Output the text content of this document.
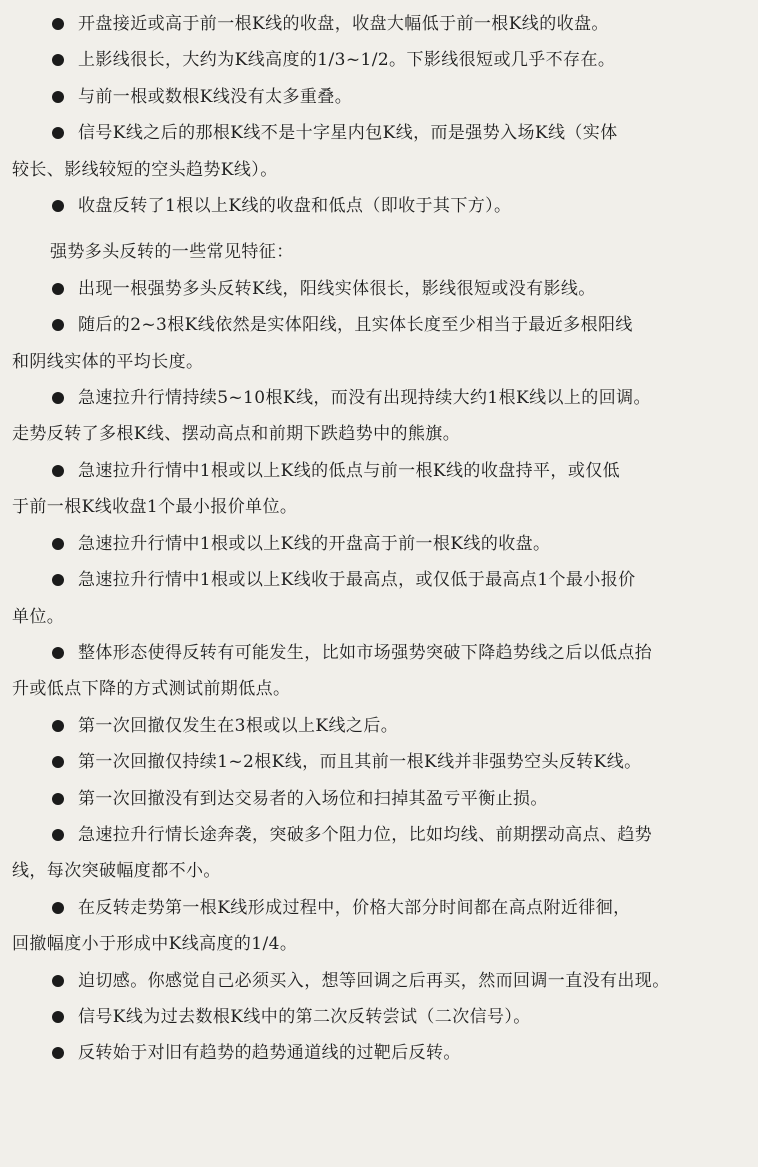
开盘接近或高于前一根K线的收盘，收盘大幅低于前一根K线的收盘。
上影线很长，大约为K线高度的1/3~1/2。下影线很短或几乎不存在。
与前一根或数根K线没有太多重叠。
信号K线之后的那根K线不是十字星内包K线，而是强势入场K线（实体
较长、影线较短的空头趋势K线）。
收盘反转了1根以上K线的收盘和低点（即收于其下方）。
强势多头反转的一些常见特征：
出现一根强势多头反转K线，阳线实体很长，影线很短或没有影线。
随后的2~3根K线依然是实体阳线，且实体长度至少相当于最近多根阳线
和阴线实体的平均长度。
急速拉升行情持续5~10根K线，而没有出现持续大约1根K线以上的回调。
走势反转了多根K线、摆动高点和前期下跌趋势中的熊旗。
急速拉升行情中1根或以上K线的低点与前一根K线的收盘持平，或仅低
于前一根K线收盘1个最小报价单位。
急速拉升行情中1根或以上K线的开盘高于前一根K线的收盘。
急速拉升行情中1根或以上K线收于最高点，或仅低于最高点1个最小报价
单位。
整体形态使得反转有可能发生，比如市场强势突破下降趋势线之后以低点抬
升或低点下降的方式测试前期低点。
第一次回撤仅发生在3根或以上K线之后。
第一次回撤仅持续1~2根K线，而且其前一根K线并非强势空头反转K线。
第一次回撤没有到达交易者的入场位和扫掉其盈亏平衡止损。
急速拉升行情长途奔袭，突破多个阻力位，比如均线、前期摆动高点、趋势
线，每次突破幅度都不小。
在反转走势第一根K线形成过程中，价格大部分时间都在高点附近徘徊，
回撤幅度小于形成中K线高度的1/4。
迫切感。你感觉自己必须买入，想等回调之后再买，然而回调一直没有出现。
信号K线为过去数根K线中的第二次反转尝试（二次信号）。
反转始于对旧有趋势的趋势通道线的过靶后反转。
